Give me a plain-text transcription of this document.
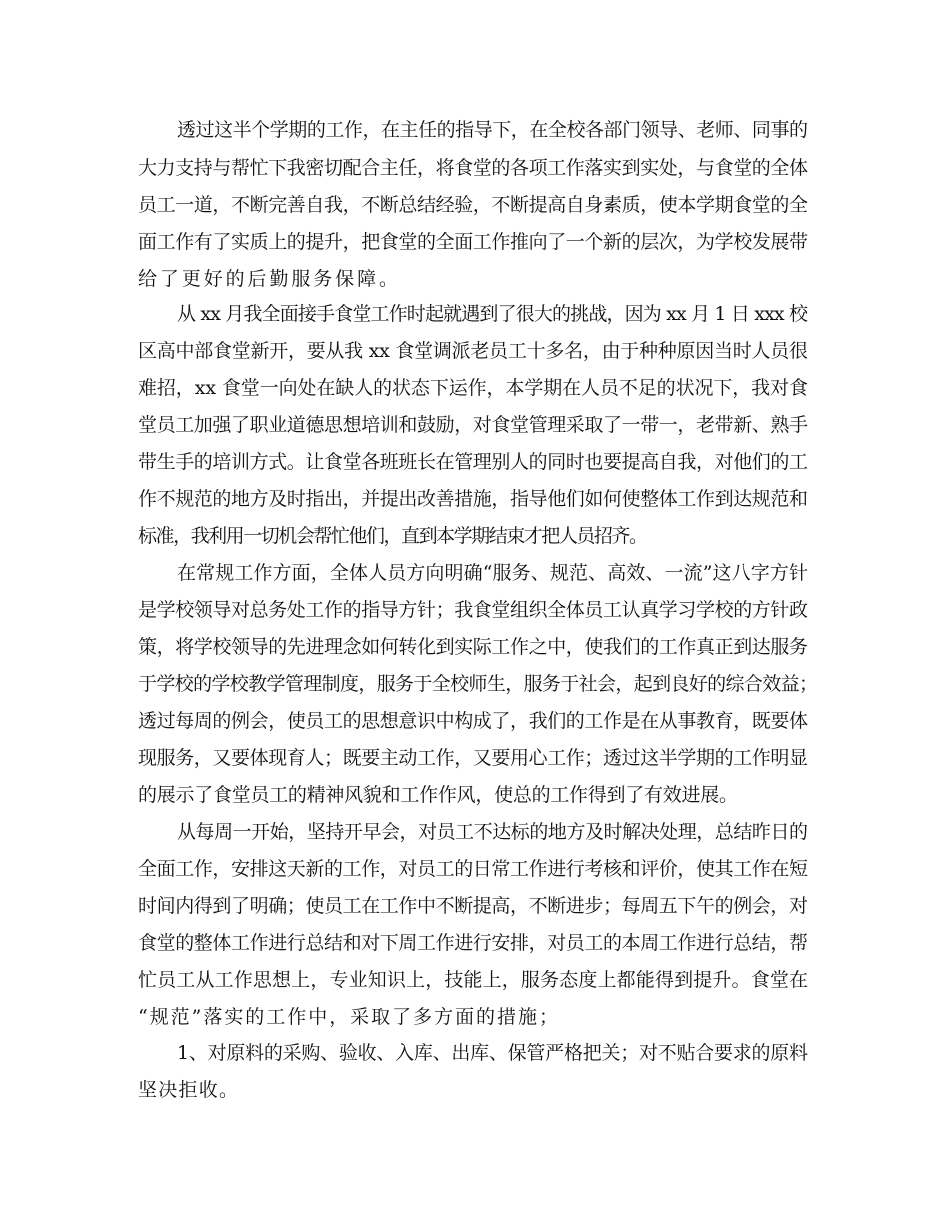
透过这半个学期的工作，在主任的指导下，在全校各部门领导、老师、同事的
大力支持与帮忙下我密切配合主任，将食堂的各项工作落实到实处，与食堂的全体
员工一道，不断完善自我，不断总结经验，不断提高自身素质，使本学期食堂的全
面工作有了实质上的提升，把食堂的全面工作推向了一个新的层次，为学校发展带
给了更好的后勤服务保障。
从 xx 月我全面接手食堂工作时起就遇到了很大的挑战，因为 xx 月 1 日 xxx 校
区高中部食堂新开，要从我 xx 食堂调派老员工十多名，由于种种原因当时人员很
难招，xx 食堂一向处在缺人的状态下运作，本学期在人员不足的状况下，我对食
堂员工加强了职业道德思想培训和鼓励，对食堂管理采取了一带一，老带新、熟手
带生手的培训方式。让食堂各班班长在管理别人的同时也要提高自我，对他们的工
作不规范的地方及时指出，并提出改善措施，指导他们如何使整体工作到达规范和
标准，我利用一切机会帮忙他们，直到本学期结束才把人员招齐。
在常规工作方面，全体人员方向明确“服务、规范、高效、一流”这八字方针
是学校领导对总务处工作的指导方针；我食堂组织全体员工认真学习学校的方针政
策，将学校领导的先进理念如何转化到实际工作之中，使我们的工作真正到达服务
于学校的学校教学管理制度，服务于全校师生，服务于社会，起到良好的综合效益；
透过每周的例会，使员工的思想意识中构成了，我们的工作是在从事教育，既要体
现服务，又要体现育人；既要主动工作，又要用心工作；透过这半学期的工作明显
的展示了食堂员工的精神风貌和工作作风，使总的工作得到了有效进展。
从每周一开始，坚持开早会，对员工不达标的地方及时解决处理，总结昨日的
全面工作，安排这天新的工作，对员工的日常工作进行考核和评价，使其工作在短
时间内得到了明确；使员工在工作中不断提高，不断进步；每周五下午的例会，对
食堂的整体工作进行总结和对下周工作进行安排，对员工的本周工作进行总结，帮
忙员工从工作思想上，专业知识上，技能上，服务态度上都能得到提升。食堂在
“规范”落实的工作中，采取了多方面的措施；
1、对原料的采购、验收、入库、出库、保管严格把关；对不贴合要求的原料
坚决拒收。
